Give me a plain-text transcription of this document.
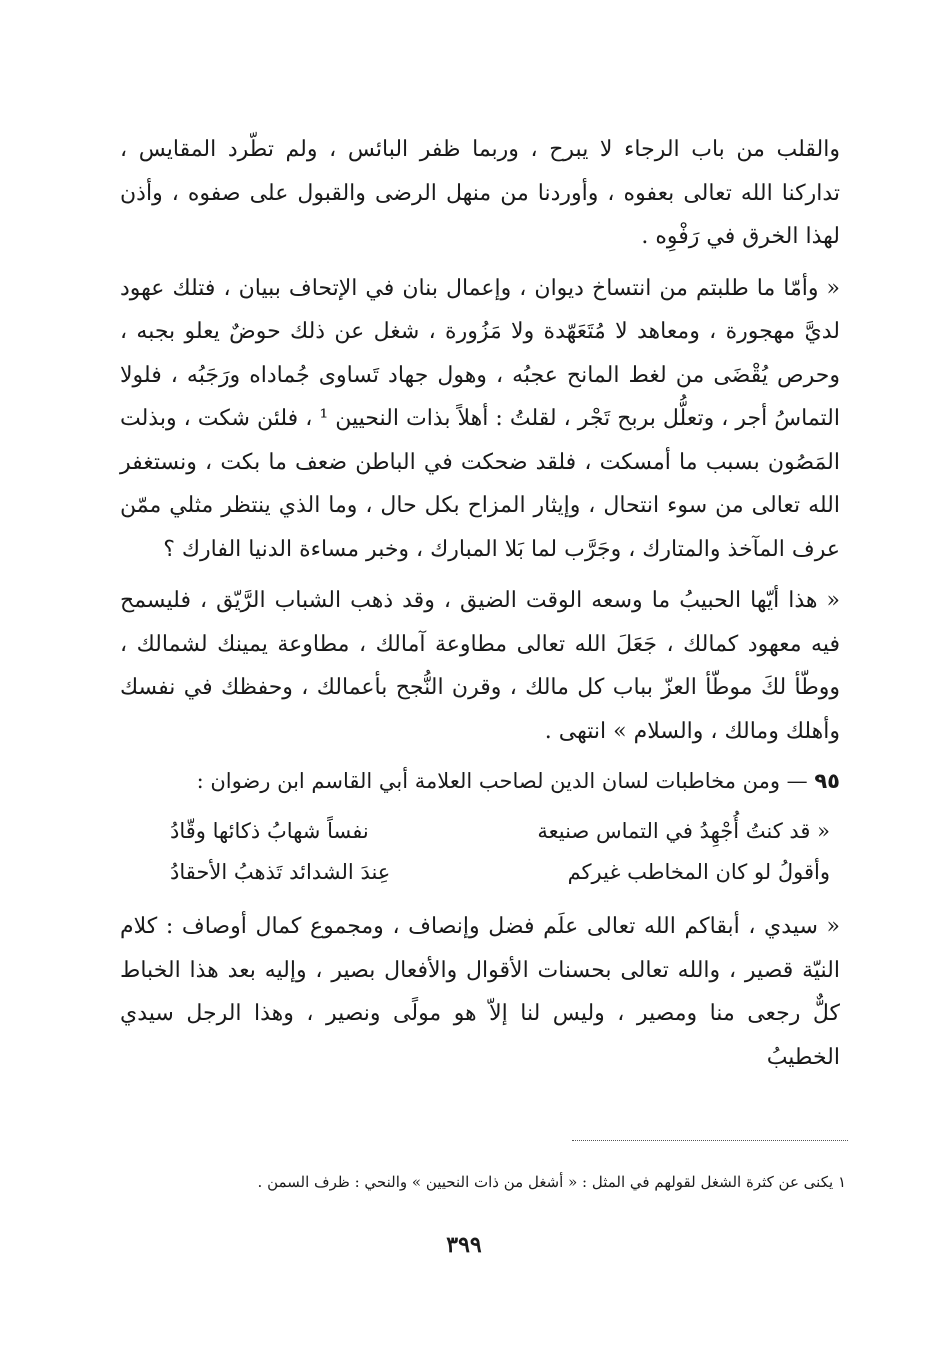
والقلب من باب الرجاء لا يبرح ، وربما ظفر البائس ، ولم تطّرد المقايس ، تداركنا الله تعالى بعفوه ، وأوردنا من منهل الرضى والقبول على صفوه ، وأذن لهذا الخرق في رَفْوِه .

« وأمّا ما طلبتم من انتساخ ديوان ، وإعمال بنان في الإتحاف ببيان ، فتلك عهود لديَّ مهجورة ، ومعاهد لا مُتَعَهّدة ولا مَزُورة ، شغل عن ذلك حوضٌ يعلو بجبه ، وحرص يُقْضَى من لغط المانح عجبُه ، وهول جهاد تَساوى جُماداه ورَجَبُه ، فلولا التماسُ أجر ، وتعلُّل بربح تَجْر ، لقلتُ : أهلاً بذات النحيين ¹ ، فلئن شكت ، وبذلت المَصُون بسبب ما أمسكت ، فلقد ضحكت في الباطن ضعف ما بكت ، ونستغفر الله تعالى من سوء انتحال ، وإيثار المزاح بكل حال ، وما الذي ينتظر مثلي ممّن عرف المآخذ والمتارك ، وجَرَّب لما بَلا المبارك ، وخبر مساءة الدنيا الفارك ؟

« هذا أيّها الحبيبُ ما وسعه الوقت الضيق ، وقد ذهب الشباب الرَّيّق ، فليسمح فيه معهود كمالك ، جَعَلَ الله تعالى مطاوعة آمالك ، مطاوعة يمينك لشمالك ، ووطّأ لكَ موطّأ العزّ بباب كل مالك ، وقرن النُّجح بأعمالك ، وحفظك في نفسك وأهلك ومالك ، والسلام » انتهى .

٩٥ — ومن مخاطبات لسان الدين لصاحب العلامة أبي القاسم ابن رضوان :

« قد كنتُ أُجْهِدُ في التماس صنيعة
نفساً شهابُ ذكائها وقّادُ
وأقولُ لو كان المخاطب غيركم
عِندَ الشدائد تَذهبُ الأحقادُ

« سيدي ، أبقاكم الله تعالى علَم فضل وإنصاف ، ومجموع كمال أوصاف : كلام النيّة قصير ، والله تعالى بحسنات الأقوال والأفعال بصير ، وإليه بعد هذا الخباط كلٌّ رجعى منا ومصير ، وليس لنا إلاّ هو مولًى ونصير ، وهذا الرجل سيدي الخطيبُ

١ يكنى عن كثرة الشغل لقولهم في المثل : « أشغل من ذات النحيين » والنحي : ظرف السمن .
٣٩٩
